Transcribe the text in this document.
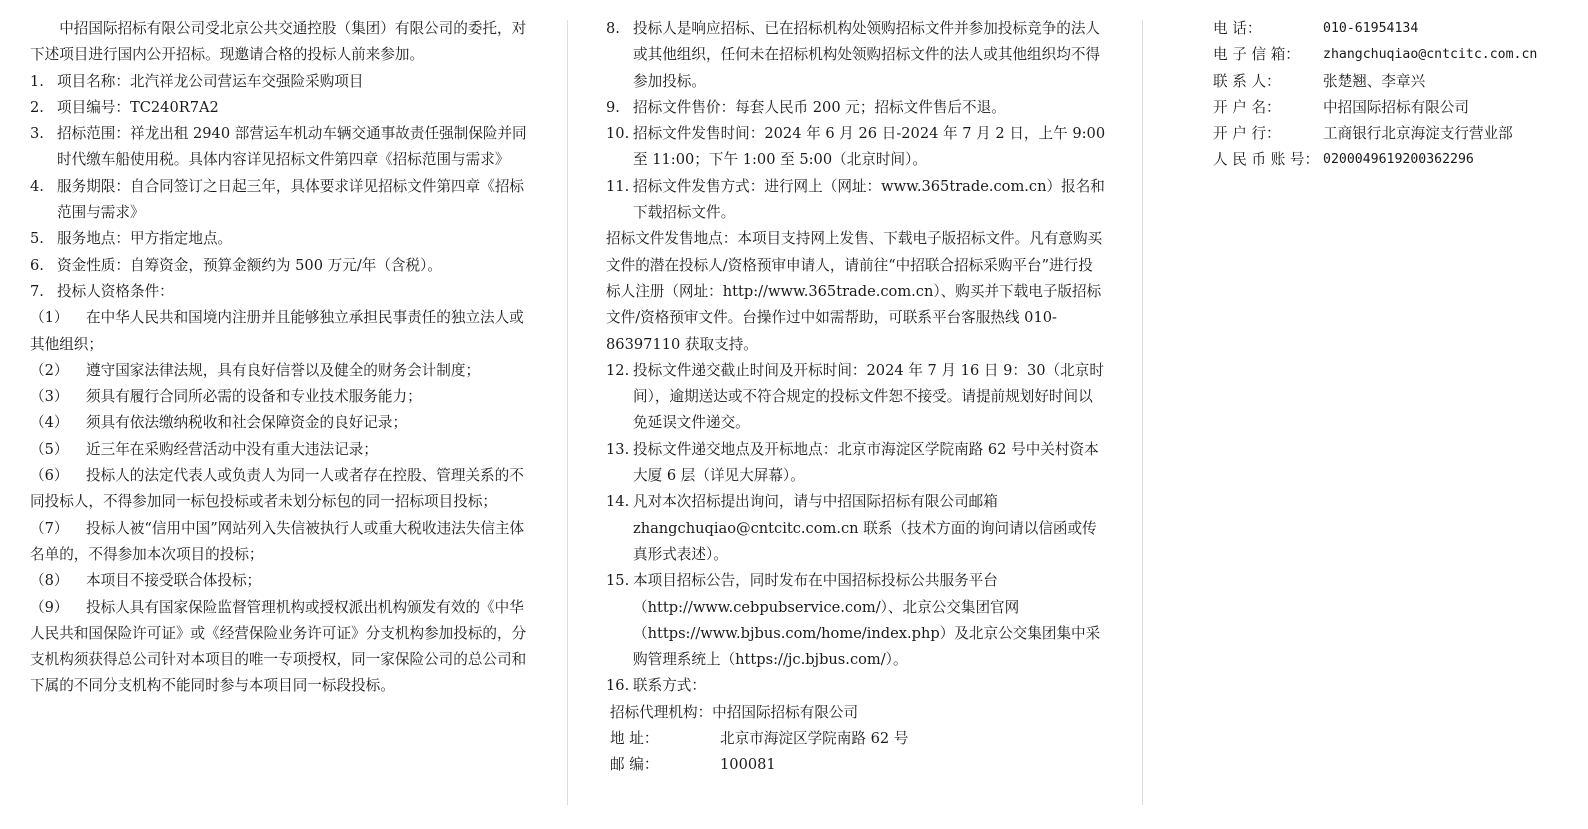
中招国际招标有限公司受北京公共交通控股（集团）有限公司的委托，对下述项目进行国内公开招标。现邀请合格的投标人前来参加。

1. 项目名称：北汽祥龙公司营运车交强险采购项目
2. 项目编号：TC240R7A2
3. 招标范围：祥龙出租 2940 部营运车机动车辆交通事故责任强制保险并同时代缴车船使用税。具体内容详见招标文件第四章《招标范围与需求》
4. 服务期限：自合同签订之日起三年，具体要求详见招标文件第四章《招标范围与需求》
5. 服务地点：甲方指定地点。
6. 资金性质：自筹资金，预算金额约为 500 万元/年（含税）。
7. 投标人资格条件：

（1） 在中华人民共和国境内注册并且能够独立承担民事责任的独立法人或其他组织；

（2） 遵守国家法律法规，具有良好信誉以及健全的财务会计制度；

（3） 须具有履行合同所必需的设备和专业技术服务能力；

（4） 须具有依法缴纳税收和社会保障资金的良好记录；

（5） 近三年在采购经营活动中没有重大违法记录；

（6） 投标人的法定代表人或负责人为同一人或者存在控股、管理关系的不同投标人，不得参加同一标包投标或者未划分标包的同一招标项目投标；

（7） 投标人被“信用中国”网站列入失信被执行人或重大税收违法失信主体名单的，不得参加本次项目的投标；

（8） 本项目不接受联合体投标；

（9） 投标人具有国家保险监督管理机构或授权派出机构颁发有效的《中华人民共和国保险许可证》或《经营保险业务许可证》分支机构参加投标的，分支机构须获得总公司针对本项目的唯一专项授权，同一家保险公司的总公司和下属的不同分支机构不能同时参与本项目同一标段投标。

8. 投标人是响应招标、已在招标机构处领购招标文件并参加投标竞争的法人或其他组织，任何未在招标机构处领购招标文件的法人或其他组织均不得参加投标。
9. 招标文件售价：每套人民币 200 元；招标文件售后不退。
10. 招标文件发售时间：2024 年 6 月 26 日-2024 年 7 月 2 日，上午 9:00 至 11:00；下午 1:00 至 5:00（北京时间）。
11. 招标文件发售方式：进行网上（网址：www.365trade.com.cn）报名和下载招标文件。

招标文件发售地点：本项目支持网上发售、下载电子版招标文件。凡有意购买文件的潜在投标人/资格预审申请人，请前往“中招联合招标采购平台”进行投标人注册（网址：http://www.365trade.com.cn）、购买并下载电子版招标文件/资格预审文件。台操作过中如需帮助，可联系平台客服热线 010-86397110 获取支持。

12. 投标文件递交截止时间及开标时间：2024 年 7 月 16 日 9：30（北京时间），逾期送达或不符合规定的投标文件恕不接受。请提前规划好时间以免延误文件递交。
13. 投标文件递交地点及开标地点：北京市海淀区学院南路 62 号中关村资本大厦 6 层（详见大屏幕）。
14. 凡对本次招标提出询问，请与中招国际招标有限公司邮箱 zhangchuqiao@cntcitc.com.cn 联系（技术方面的询问请以信函或传真形式表述）。
15. 本项目招标公告，同时发布在中国招标投标公共服务平台（http://www.cebpubservice.com/）、北京公交集团官网（https://www.bjbus.com/home/index.php）及北京公交集团集中采购管理系统上（https://jc.bjbus.com/）。
16. 联系方式：

招标代理机构：中招国际招标有限公司

地 址：	北京市海淀区学院南路 62 号
邮 编：	100081
电 话：	010-61954134
电 子 信 箱：	zhangchuqiao@cntcitc.com.cn
联 系 人：	张楚翘、李章兴
开 户 名：	中招国际招标有限公司
开 户 行：	工商银行北京海淀支行营业部
人 民 币 账 号： 0200049619200362296
